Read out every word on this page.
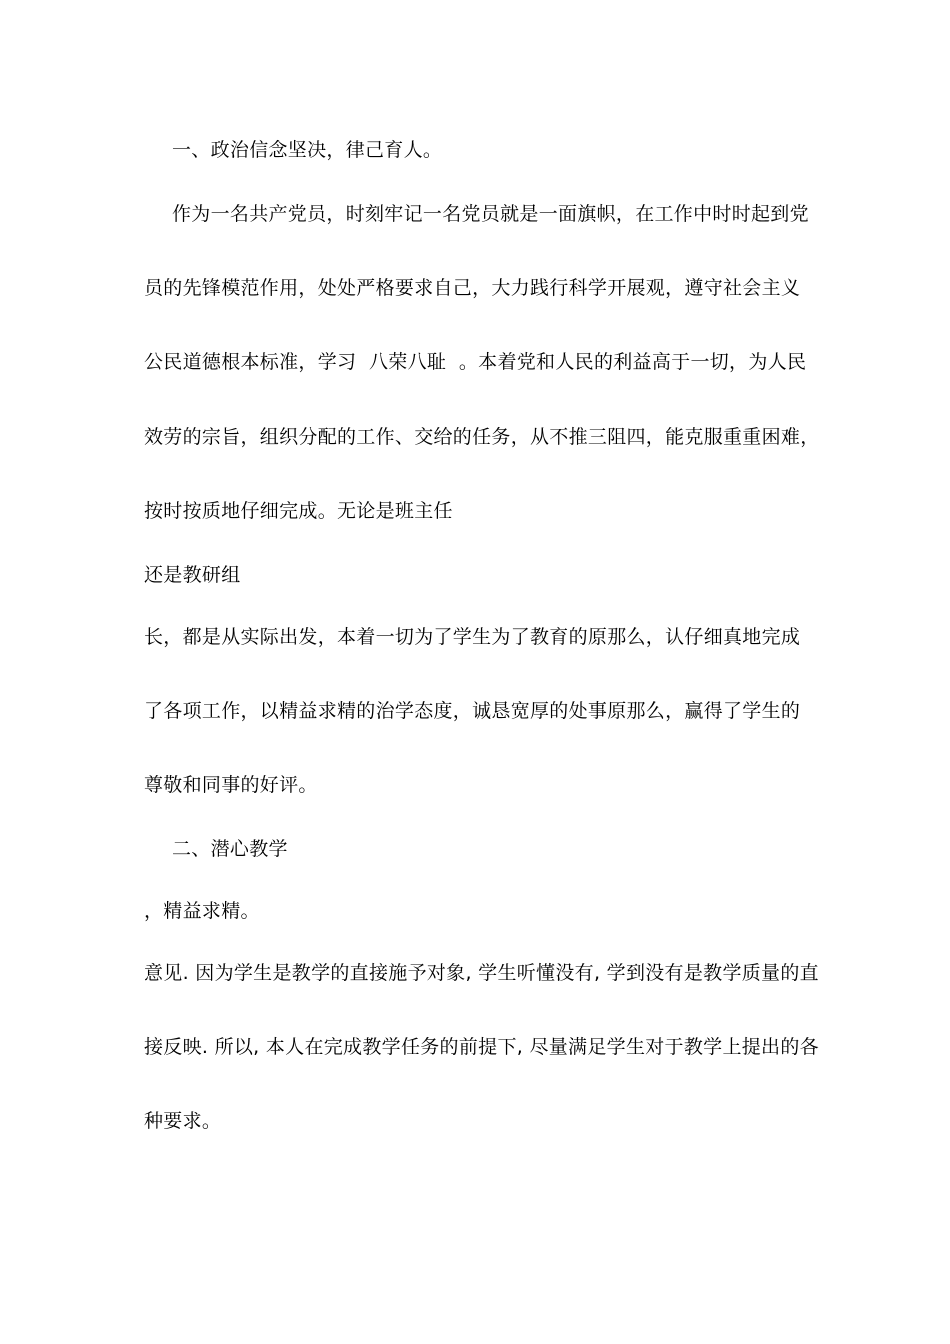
一、政治信念坚决，律己育人。
作为一名共产党员，时刻牢记一名党员就是一面旗帜，在工作中时时起到党
员的先锋模范作用，处处严格要求自己，大力践行科学开展观，遵守社会主义
公民道德根本标准，学习  八荣八耻  。本着党和人民的利益高于一切，为人民
效劳的宗旨，组织分配的工作、交给的任务，从不推三阻四，能克服重重困难，
按时按质地仔细完成。无论是班主任
还是教研组
长，都是从实际出发，本着一切为了学生为了教育的原那么，认仔细真地完成
了各项工作，以精益求精的治学态度，诚恳宽厚的处事原那么，赢得了学生的
尊敬和同事的好评。
二、潜心教学
，精益求精。
意见. 因为学生是教学的直接施予对象, 学生听懂没有, 学到没有是教学质量的直
接反映. 所以, 本人在完成教学任务的前提下, 尽量满足学生对于教学上提出的各
种要求。
